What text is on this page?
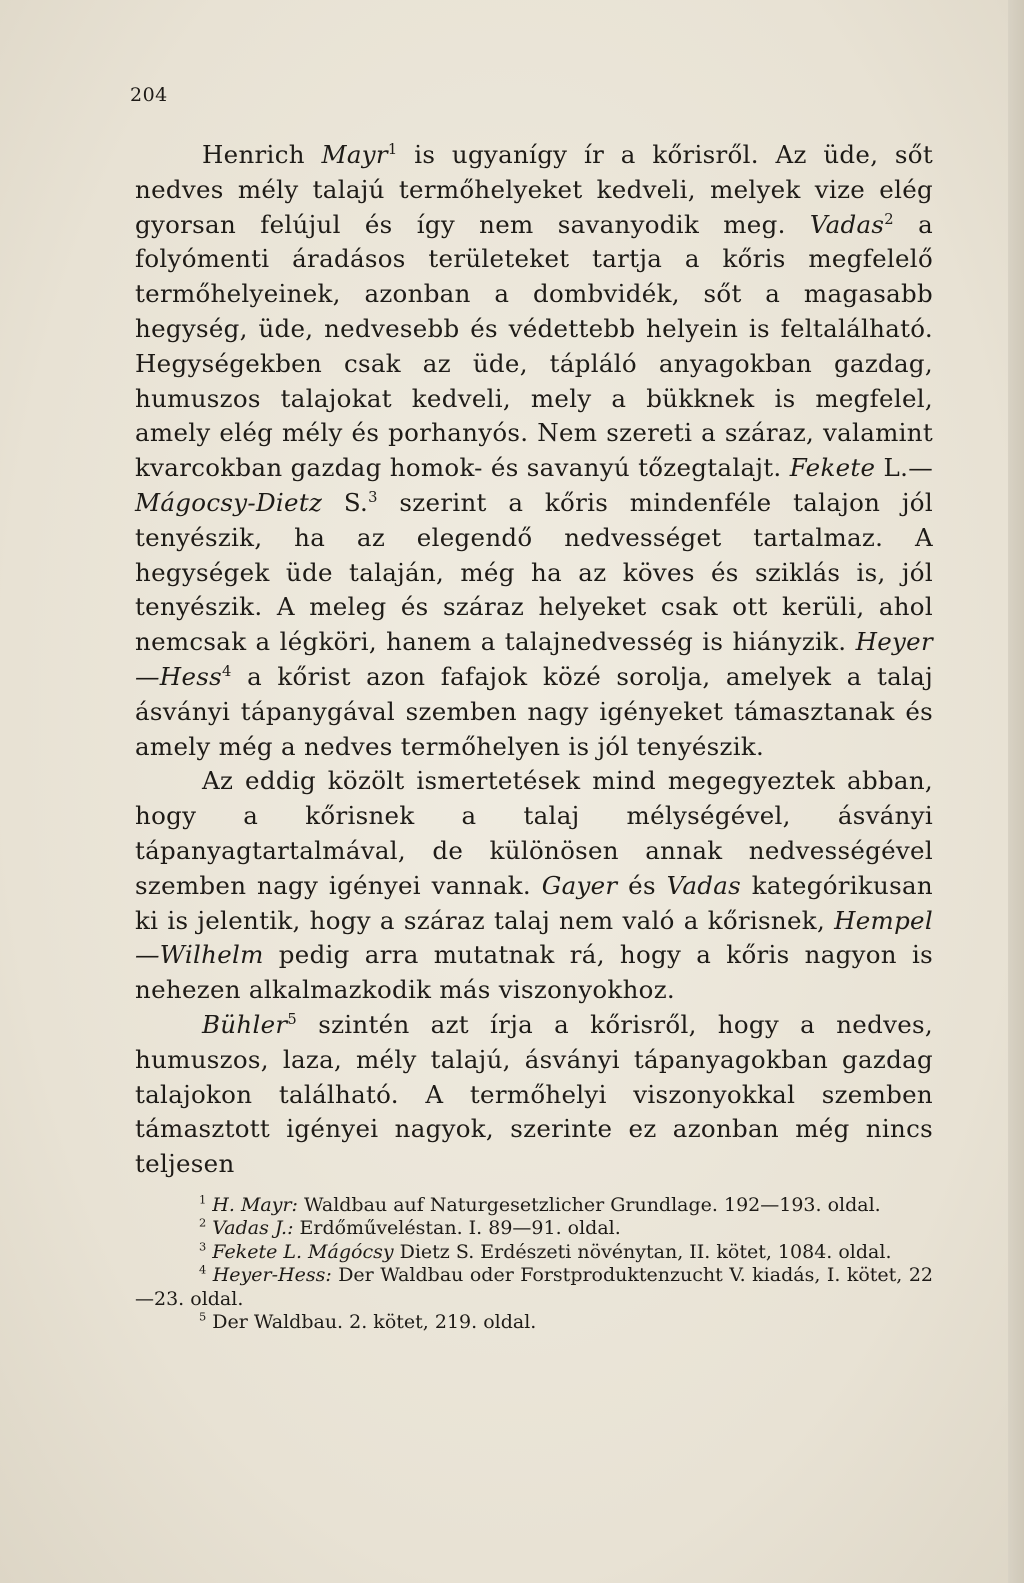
204

Henrich Mayr$^1$ is ugyanígy ír a kőrisről. Az üde, sőt nedves mély talajú termőhelyeket kedveli, melyek vize elég gyorsan felújul és így nem savanyodik meg. Vadas$^2$ a folyómenti áradásos területeket tartja a kőris megfelelő termőhelyeinek, azonban a dombvidék, sőt a magasabb hegység, üde, nedvesebb és védettebb helyein is feltalálható. Hegységekben csak az üde, tápláló anyagokban gazdag, humuszos talajokat kedveli, mely a bükknek is megfelel, amely elég mély és porhanyós. Nem szereti a száraz, valamint kvarcokban gazdag homok- és savanyú tőzegtalajt. Fekete L.—Mágocsy-Dietz S.$^3$ szerint a kőris mindenféle talajon jól tenyészik, ha az elegendő nedvességet tartalmaz. A hegységek üde talaján, még ha az köves és sziklás is, jól tenyészik. A meleg és száraz helyeket csak ott kerüli, ahol nemcsak a légköri, hanem a talajnedvesség is hiányzik. Heyer—Hess$^4$ a kőrist azon fafajok közé sorolja, amelyek a talaj ásványi tápanygával szemben nagy igényeket támasztanak és amely még a nedves termőhelyen is jól tenyészik.

Az eddig közölt ismertetések mind megegyeztek abban, hogy a kőrisnek a talaj mélységével, ásványi tápanyagtartalmával, de különösen annak nedvességével szemben nagy igényei vannak. Gayer és Vadas kategórikusan ki is jelentik, hogy a száraz talaj nem való a kőrisnek, Hempel—Wilhelm pedig arra mutatnak rá, hogy a kőris nagyon is nehezen alkalmazkodik más viszonyokhoz.

Bühler$^5$ szintén azt írja a kőrisről, hogy a nedves, humuszos, laza, mély talajú, ásványi tápanyagokban gazdag talajokon található. A termőhelyi viszonyokkal szemben támasztott igényei nagyok, szerinte ez azonban még nincs teljesen

$^1$ H. Mayr: Waldbau auf Naturgesetzlicher Grundlage. 192—193. oldal.

$^2$ Vadas J.: Erdőműveléstan. I. 89—91. oldal.

$^3$ Fekete L. Mágócsy Dietz S. Erdészeti növénytan, II. kötet, 1084. oldal.

$^4$ Heyer-Hess: Der Waldbau oder Forstproduktenzucht V. kiadás, I. kötet, 22—23. oldal.

$^5$ Der Waldbau. 2. kötet, 219. oldal.
